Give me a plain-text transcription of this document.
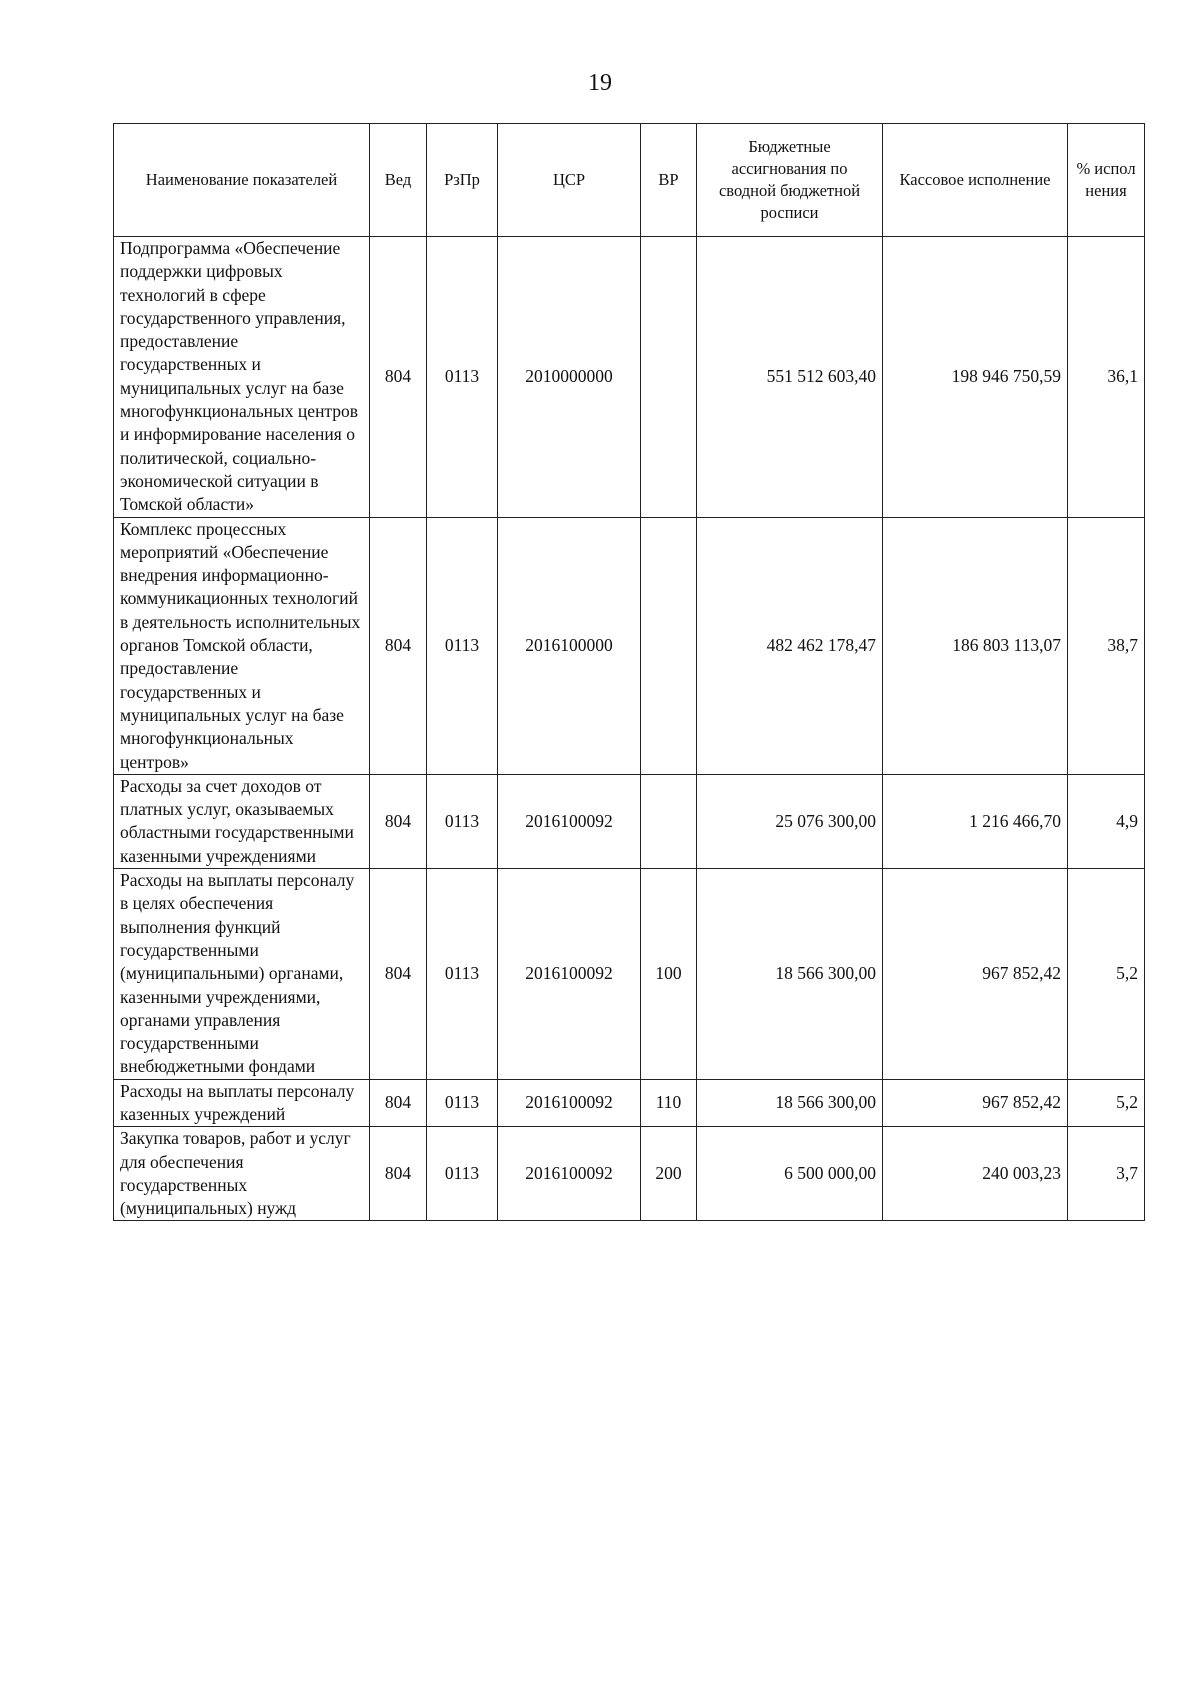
19
Наименование показателей	Вед	РзПр	ЦСР	ВР	Бюджетные ассигнования по сводной бюджетной росписи	Кассовое исполнение	% испол нения
Подпрограмма «Обеспечение поддержки цифровых технологий в сфере государственного управления, предоставление государственных и муниципальных услуг на базе многофункциональных центров и информирование населения о политической, социально-экономической ситуации в Томской области»	804	0113	2010000000		551 512 603,40	198 946 750,59	36,1
Комплекс процессных мероприятий «Обеспечение внедрения информационно-коммуникационных технологий в деятельность исполнительных органов Томской области, предоставление государственных и муниципальных услуг на базе многофункциональных центров»	804	0113	2016100000		482 462 178,47	186 803 113,07	38,7
Расходы за счет доходов от платных услуг, оказываемых областными государственными казенными учреждениями	804	0113	2016100092		25 076 300,00	1 216 466,70	4,9
Расходы на выплаты персоналу в целях обеспечения выполнения функций государственными (муниципальными) органами, казенными учреждениями, органами управления государственными внебюджетными фондами	804	0113	2016100092	100	18 566 300,00	967 852,42	5,2
Расходы на выплаты персоналу казенных учреждений	804	0113	2016100092	110	18 566 300,00	967 852,42	5,2
Закупка товаров, работ и услуг для обеспечения государственных (муниципальных) нужд	804	0113	2016100092	200	6 500 000,00	240 003,23	3,7
